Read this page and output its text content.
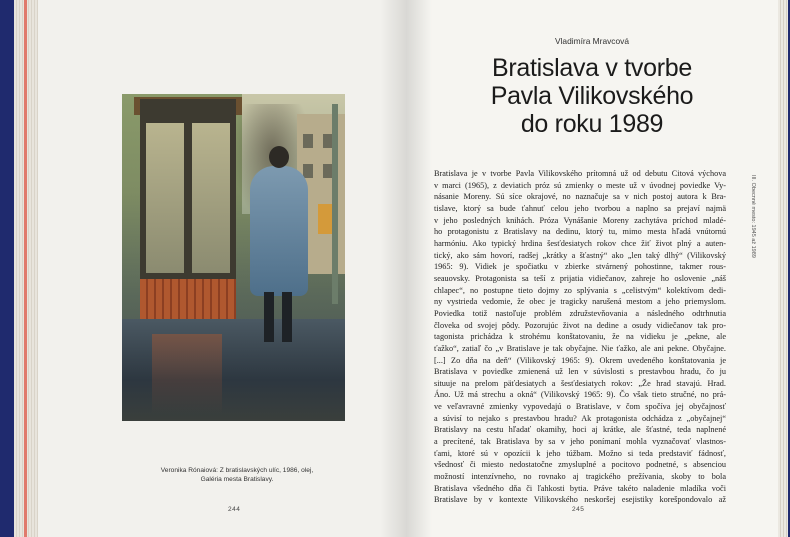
Veronika Rónaiová: Z bratislavských ulíc, 1986, olej,
Galéria mesta Bratislavy.
244
Vladimíra Mravcová
Bratislava v tvorbe
Pavla Vilikovského
do roku 1989
Bratislava je v tvorbe Pavla Vilikovského prítomná už od debutu Citová výchova
v marci (1965), z deviatich próz sú zmienky o meste už v úvodnej poviedke Vy-
násanie Moreny. Sú síce okrajové, no naznačuje sa v nich postoj autora k Bra-
tislave, ktorý sa bude ťahnuť celou jeho tvorbou a naplno sa prejaví najmä
v jeho posledných knihách. Próza Vynášanie Moreny zachytáva príchod mladé-
ho protagonistu z Bratislavy na dedinu, ktorý tu, mimo mesta hľadá vnútornú
harmóniu. Ako typický hrdina šesťdesiatych rokov chce žiť život plný a auten-
tický, ako sám hovorí, radšej „krátky a šťastný“ ako „len taký dlhý“ (Vilikovský
1965: 9). Vidiek je spočiatku v zbierke stvárnený pohostinne, takmer rous-
seauovsky. Protagonista sa teší z prijatia vidiečanov, zahreje ho oslovenie „náš
chlapec“, no postupne tieto dojmy zo splývania s „celistvým“ kolektívom dedi-
ny vystrieda vedomie, že obec je tragicky narušená mestom a jeho priemyslom.
Poviedka totiž nastoľuje problém združstevňovania a následného odtrhnutia
človeka od svojej pôdy. Pozorujúc život na dedine a osudy vidiečanov tak pro-
tagonista prichádza k strohému konštatovaniu, že na vidieku je „pekne, ale
ťažko“, zatiaľ čo „v Bratislave je tak obyčajne. Nie ťažko, ale ani pekne. Obyčajne.
[...] Zo dňa na deň“ (Vilikovský 1965: 9). Okrem uvedeného konštatovania je
Bratislava v poviedke zmienená už len v súvislosti s prestavbou hradu, čo ju
situuje na prelom päťdesiatych a šesťdesiatych rokov: „Že hrad stavajú. Hrad.
Áno. Už má strechu a okná“ (Vilikovský 1965: 9). Čo však tieto stručné, no prá-
ve veľavravné zmienky vypovedajú o Bratislave, v čom spočíva jej obyčajnosť
a súvisí to nejako s prestavbou hradu? Ak protagonista odchádza z „obyčajnej“
Bratislavy na cestu hľadať okamihy, hoci aj krátke, ale šťastné, teda naplnené
a precítené, tak Bratislava by sa v jeho ponímaní mohla vyznačovať vlastnos-
ťami, ktoré sú v opozícii k jeho túžbam. Možno si teda predstaviť fádnosť,
všednosť či miesto nedostatočne zmysluplné a pocitovo podnetné, s absenciou
možností intenzívneho, no rovnako aj tragického prežívania, skoby to bola
Bratislava všedného dňa či ľahkosti bytia. Práve takéto naladenie mladíka voči
Bratislave by v kontexte Vilikovského neskoršej esejistiky korešpondovalo až
III. Obecnné mesto: 1945 až 1989
245
